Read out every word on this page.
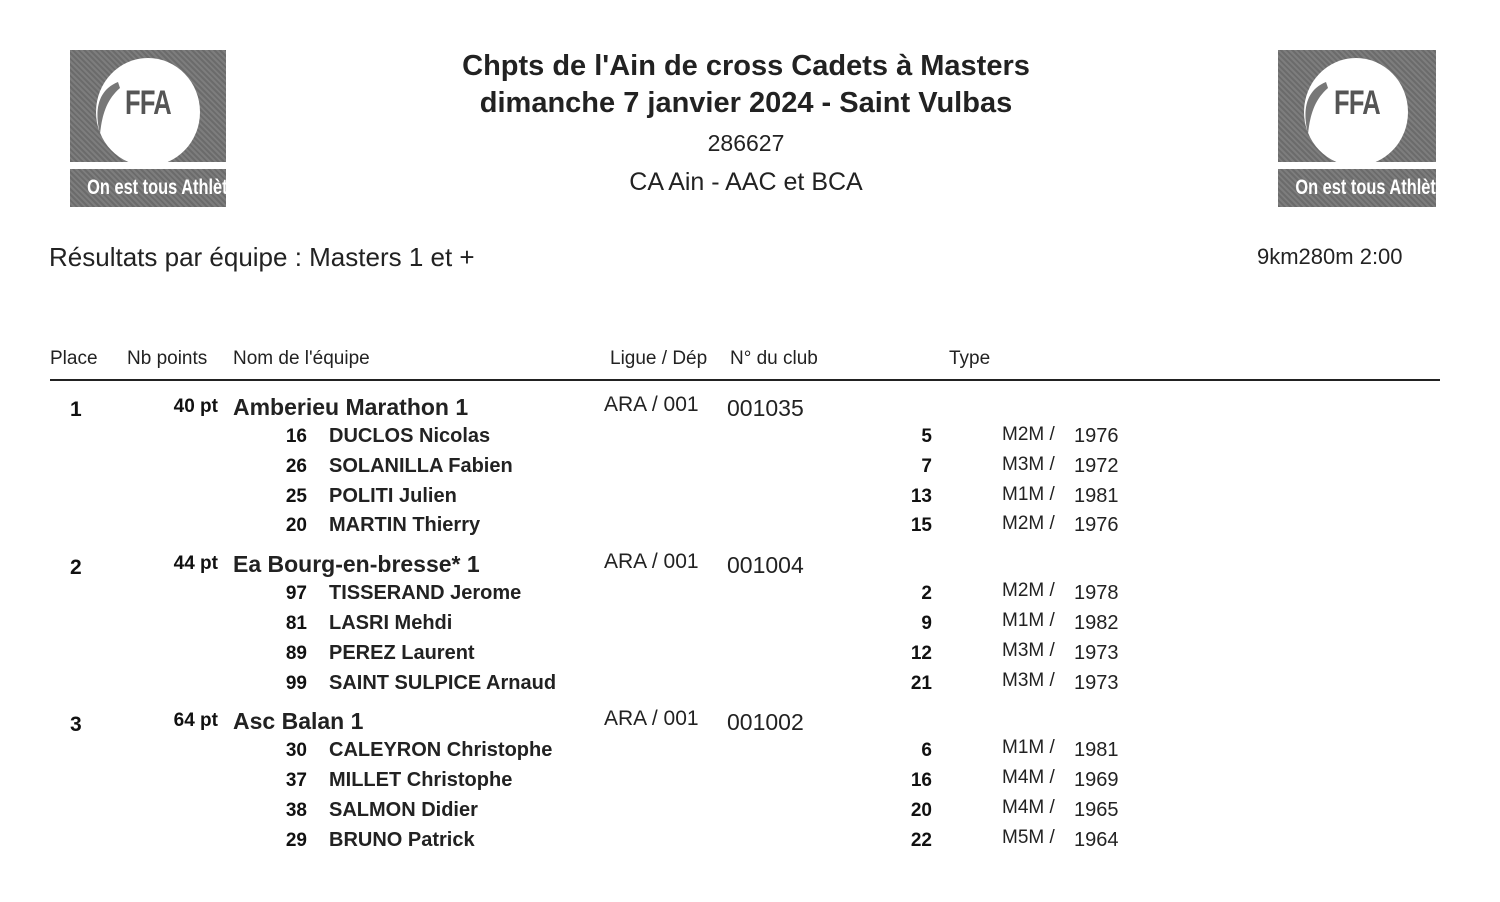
FFA
On est tous Athlètes
FFA
On est tous Athlètes
Chpts de l'Ain de cross Cadets à Masters
dimanche 7 janvier 2024 - Saint Vulbas
286627
CA Ain - AAC et BCA
Résultats par équipe : Masters 1 et +	9km280m 2:00
Place Nb points Nom de l'équipe	Ligue / Dép N° du club	Type
1	40 pt Amberieu Marathon 1	ARA / 001 001035
16 DUCLOS Nicolas	5	M2M / 1976
26 SOLANILLA Fabien	7	M3M / 1972
25 POLITI Julien	13	M1M / 1981
20 MARTIN Thierry	15	M2M / 1976
2	44 pt Ea Bourg-en-bresse* 1	ARA / 001 001004
97 TISSERAND Jerome	2	M2M / 1978
81 LASRI Mehdi	9	M1M / 1982
89 PEREZ Laurent	12	M3M / 1973
99 SAINT SULPICE Arnaud	21	M3M / 1973
3	64 pt Asc Balan 1	ARA / 001 001002
30 CALEYRON Christophe	6	M1M / 1981
37 MILLET Christophe	16	M4M / 1969
38 SALMON Didier	20	M4M / 1965
29 BRUNO Patrick	22	M5M / 1964
